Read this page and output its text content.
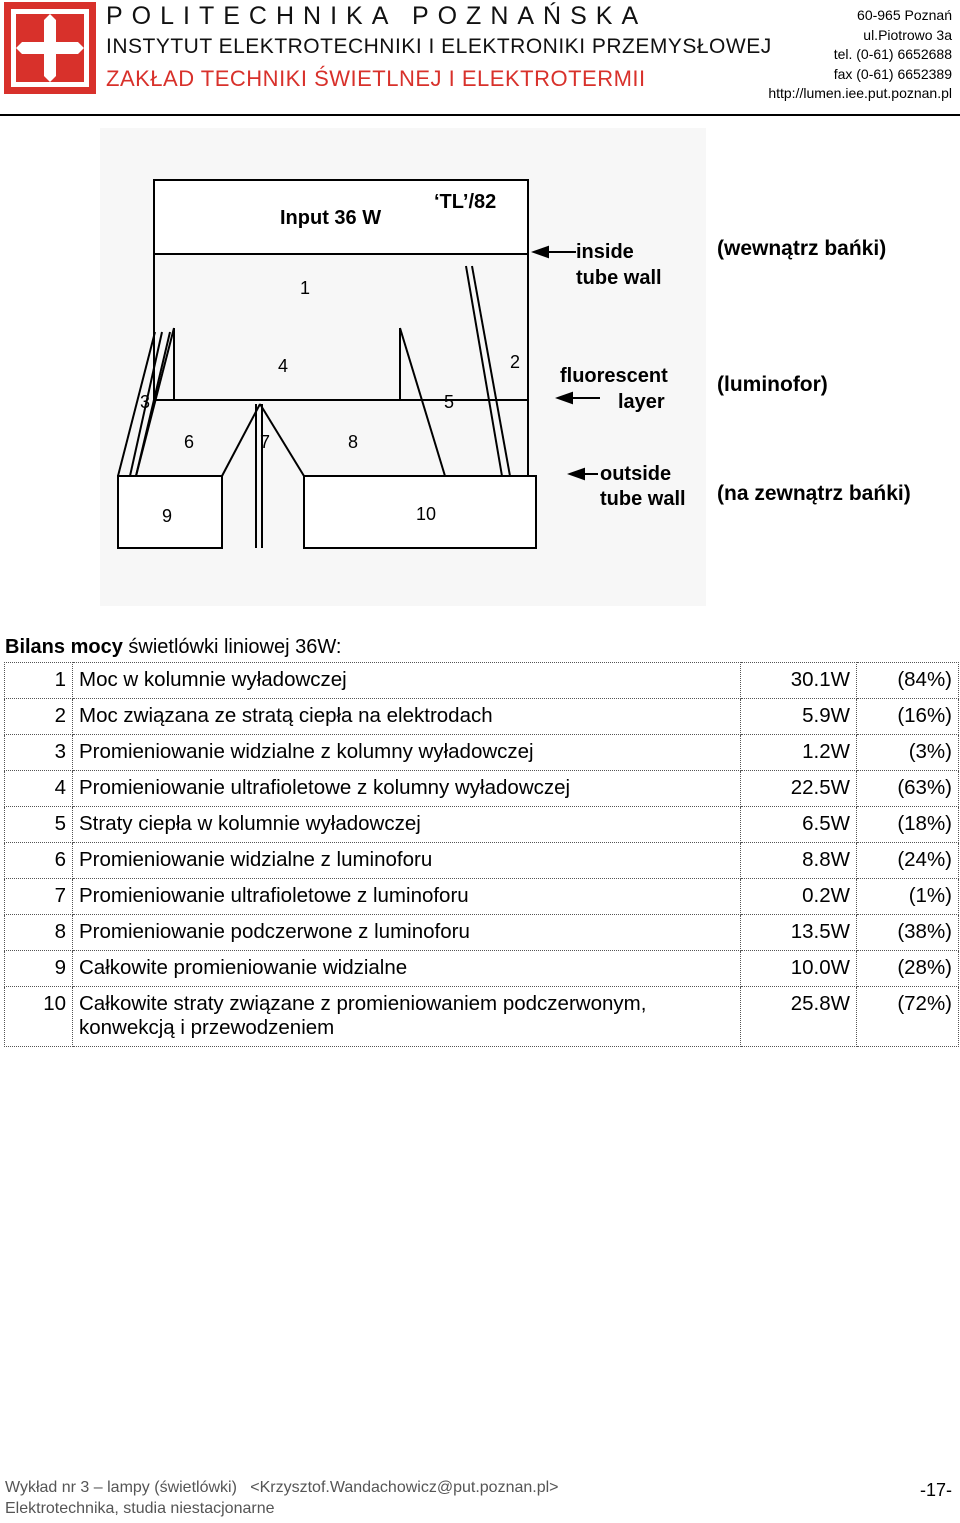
POLITECHNIKA POZNAŃSKA
INSTYTUT ELEKTROTECHNIKI I ELEKTRONIKI PRZEMYSŁOWEJ
ZAKŁAD TECHNIKI ŚWIETLNEJ I ELEKTROTERMII
60-965 Poznań
ul.Piotrowo 3a
tel. (0-61) 6652688
fax (0-61) 6652389
http://lumen.iee.put.poznan.pl
‘TL’/82
Input 36 W
inside
tube wall
fluorescent
layer
outside
tube wall
1
2
3
4
5
6	7	8
9	10
(wewnątrz bańki)
(luminofor)
(na zewnątrz bańki)
Bilans mocy świetlówki liniowej 36W:
1	Moc w kolumnie wyładowczej	30.1W	(84%)
2	Moc związana ze stratą ciepła na elektrodach	5.9W	(16%)
3	Promieniowanie widzialne z kolumny wyładowczej	1.2W	(3%)
4	Promieniowanie ultrafioletowe z kolumny wyładowczej	22.5W	(63%)
5	Straty ciepła w kolumnie wyładowczej	6.5W	(18%)
6	Promieniowanie widzialne z luminoforu	8.8W	(24%)
7	Promieniowanie ultrafioletowe z luminoforu	0.2W	(1%)
8	Promieniowanie podczerwone z luminoforu	13.5W	(38%)
9	Całkowite promieniowanie widzialne	10.0W	(28%)
10	Całkowite straty związane z promieniowaniem podczerwonym, konwekcją i przewodzeniem	25.8W	(72%)
Wykład nr 3 – lampy (świetlówki)   <Krzysztof.Wandachowicz@put.poznan.pl>
Elektrotechnika, studia niestacjonarne
-17-
